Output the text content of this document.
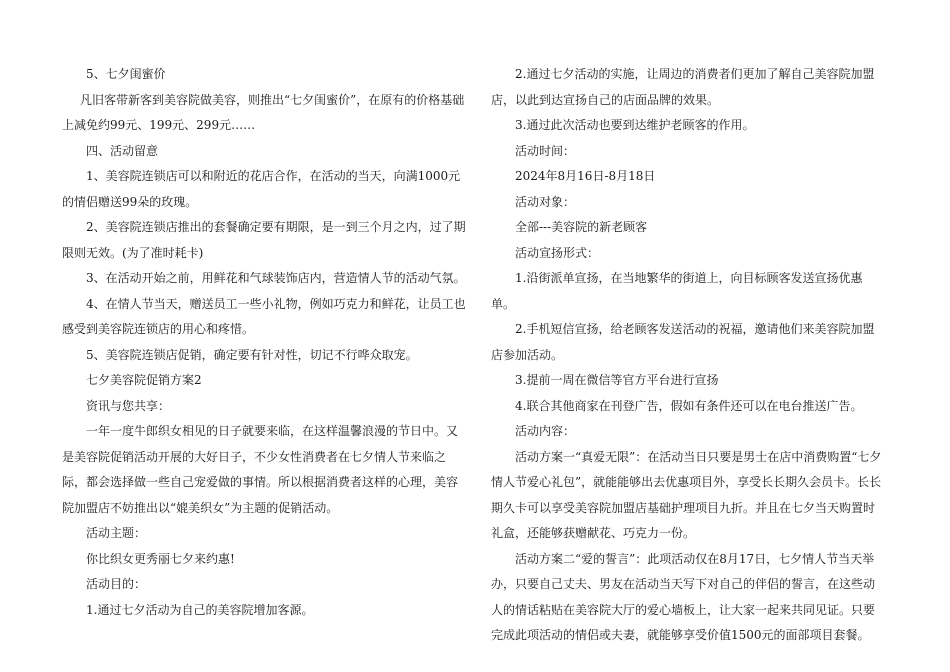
5、七夕闺蜜价

凡旧客带新客到美容院做美容，则推出“七夕闺蜜价”，在原有的价格基础上减免约99元、199元、299元……

四、活动留意

1、美容院连锁店可以和附近的花店合作，在活动的当天，向满1000元的情侣赠送99朵的玫瑰。

2、美容院连锁店推出的套餐确定要有期限，是一到三个月之内，过了期限则无效。(为了准时耗卡)

3、在活动开始之前，用鲜花和气球装饰店内，营造情人节的活动气氛。

4、在情人节当天，赠送员工一些小礼物，例如巧克力和鲜花，让员工也感受到美容院连锁店的用心和疼惜。

5、美容院连锁店促销，确定要有针对性，切记不行哗众取宠。

七夕美容院促销方案2

资讯与您共享：

一年一度牛郎织女相见的日子就要来临，在这样温馨浪漫的节日中。又是美容院促销活动开展的大好日子，不少女性消费者在七夕情人节来临之际，都会选择做一些自己宠爱做的事情。所以根据消费者这样的心理，美容院加盟店不妨推出以“媲美织女”为主题的促销活动。

活动主题：

你比织女更秀丽七夕来约惠!

活动目的：

1.通过七夕活动为自己的美容院增加客源。

2.通过七夕活动的实施，让周边的消费者们更加了解自己美容院加盟店，以此到达宣扬自己的店面品牌的效果。

3.通过此次活动也要到达维护老顾客的作用。

活动时间：

2024年8月16日-8月18日

活动对象：

全部---美容院的新老顾客

活动宣扬形式：

1.沿街派单宣扬，在当地繁华的街道上，向目标顾客发送宣扬优惠单。

2.手机短信宣扬，给老顾客发送活动的祝福，邀请他们来美容院加盟店参加活动。

3.提前一周在微信等官方平台进行宣扬

4.联合其他商家在刊登广告，假如有条件还可以在电台推送广告。

活动内容：

活动方案一“真爱无限”：在活动当日只要是男士在店中消费购置“七夕情人节爱心礼包”，就能能够出去优惠项目外，享受长长期久会员卡。长长期久卡可以享受美容院加盟店基础护理项目九折。并且在七夕当天购置时礼盒，还能够获赠献花、巧克力一份。

活动方案二“爱的誓言”：此项活动仅在8月17日，七夕情人节当天举办，只要自己丈夫、男友在活动当天写下对自己的伴侣的誓言，在这些动人的情话粘贴在美容院大厅的爱心墙板上，让大家一起来共同见证。只要完成此项活动的情侣或夫妻，就能够享受价值1500元的面部项目套餐。
